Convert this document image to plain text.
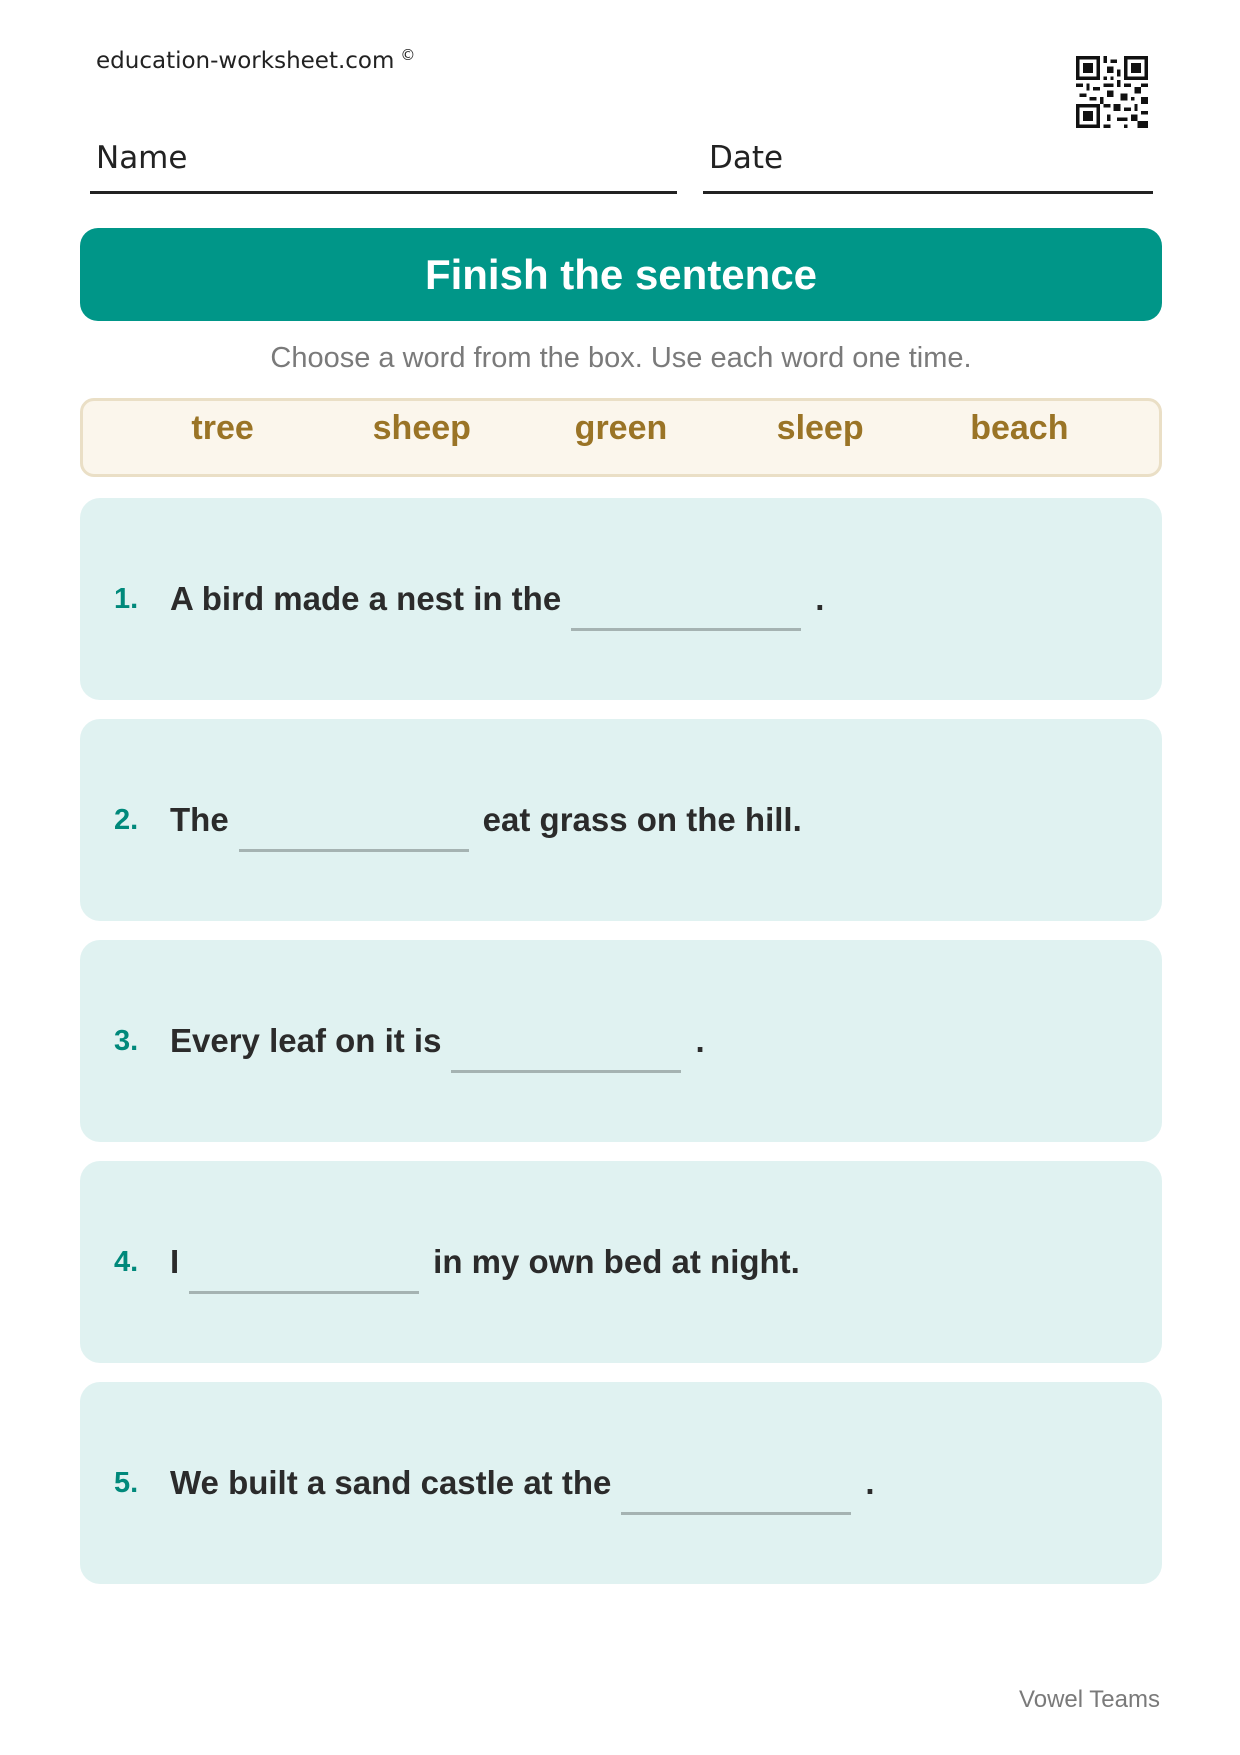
education-worksheet.com ©
Name	Date
Finish the sentence
Choose a word from the box. Use each word one time.
tree	sheep	green	sleep	beach
1. A bird made a nest in the	.
2. The	eat grass on the hill.
3. Every leaf on it is	.
4. I	in my own bed at night.
5. We built a sand castle at the	.
Vowel Teams
